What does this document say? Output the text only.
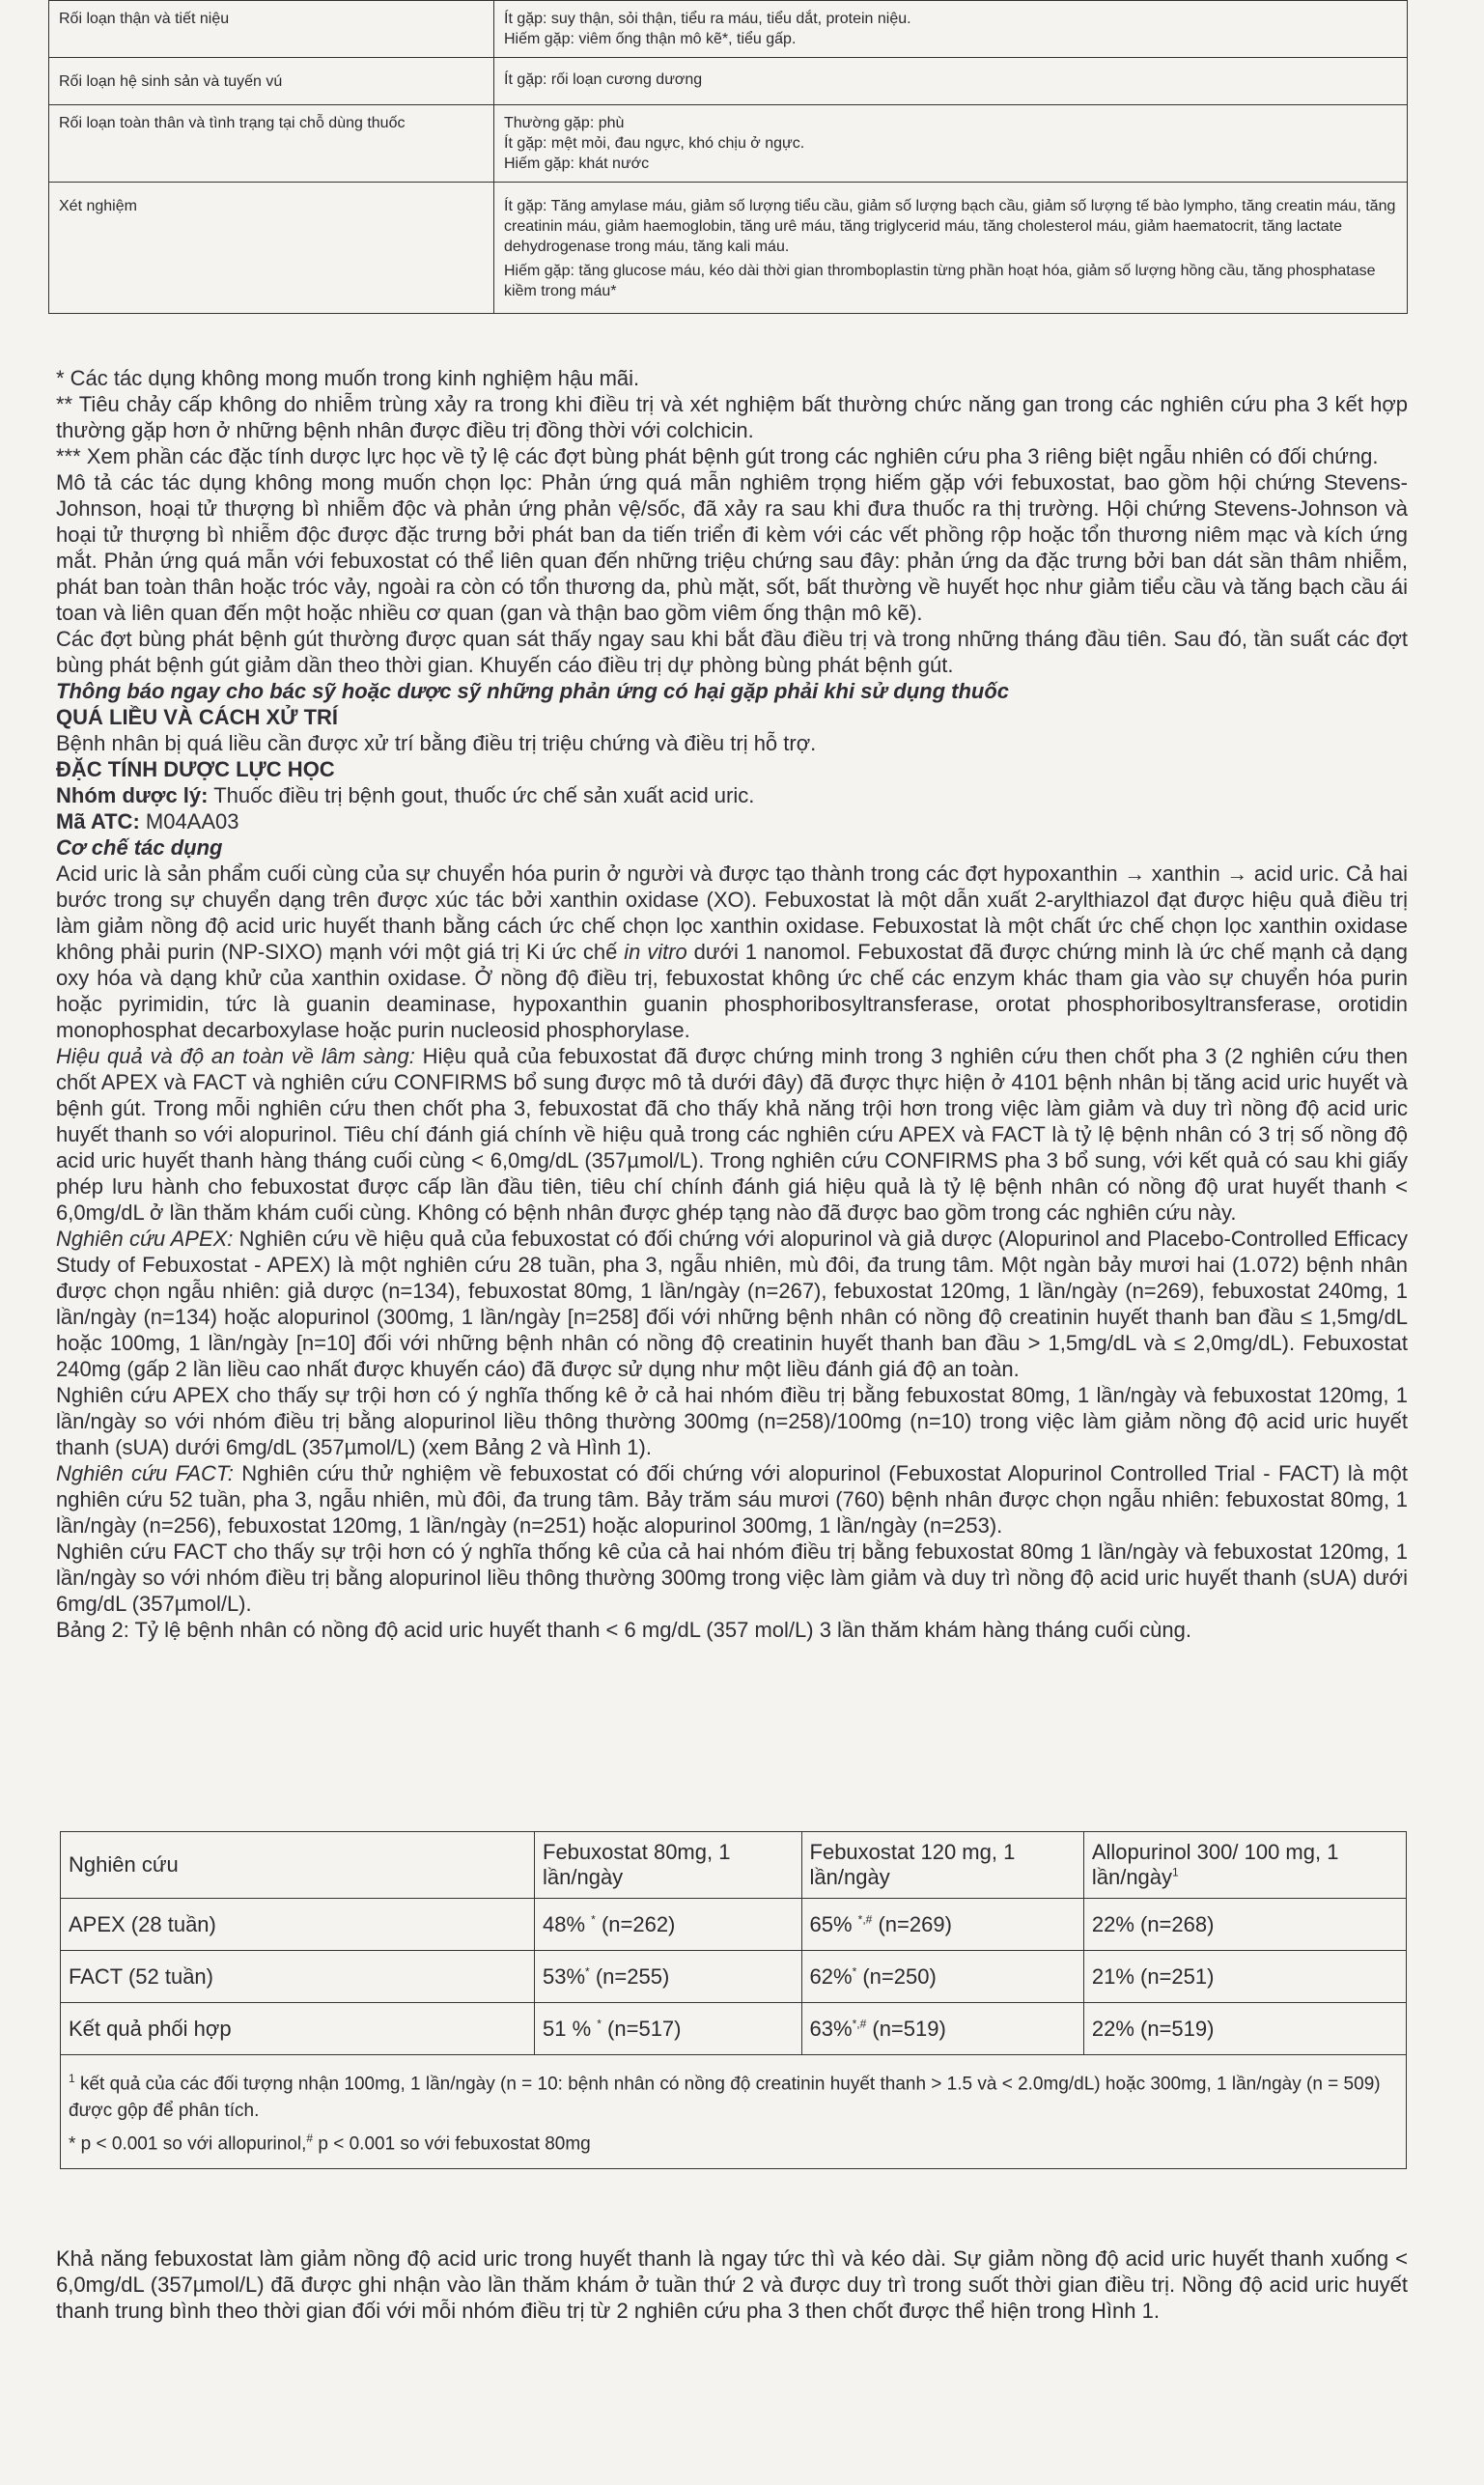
Rối loạn thận và tiết niệu	Ít gặp: suy thận, sỏi thận, tiểu ra máu, tiểu dắt, protein niệu.
Hiếm gặp: viêm ống thận mô kẽ*, tiểu gấp.

Rối loạn hệ sinh sản và tuyến vú	Ít gặp: rối loạn cương dương

Rối loạn toàn thân và tình trạng tại chỗ dùng thuốc	Thường gặp: phù
Ít gặp: mệt mỏi, đau ngực, khó chịu ở ngực.
Hiếm gặp: khát nước

Xét nghiệm	Ít gặp: Tăng amylase máu, giảm số lượng tiểu cầu, giảm số lượng bạch cầu, giảm số lượng tế bào lympho, tăng creatin máu, tăng creatinin máu, giảm haemoglobin, tăng urê máu, tăng triglycerid máu, tăng cholesterol máu, giảm haematocrit, tăng lactate dehydrogenase trong máu, tăng kali máu.
Hiếm gặp: tăng glucose máu, kéo dài thời gian thromboplastin từng phần hoạt hóa, giảm số lượng hồng cầu, tăng phosphatase kiềm trong máu*

* Các tác dụng không mong muốn trong kinh nghiệm hậu mãi.

** Tiêu chảy cấp không do nhiễm trùng xảy ra trong khi điều trị và xét nghiệm bất thường chức năng gan trong các nghiên cứu pha 3 kết hợp thường gặp hơn ở những bệnh nhân được điều trị đồng thời với colchicin.

*** Xem phần các đặc tính dược lực học về tỷ lệ các đợt bùng phát bệnh gút trong các nghiên cứu pha 3 riêng biệt ngẫu nhiên có đối chứng.

Mô tả các tác dụng không mong muốn chọn lọc: Phản ứng quá mẫn nghiêm trọng hiếm gặp với febuxostat, bao gồm hội chứng Stevens-Johnson, hoại tử thượng bì nhiễm độc và phản ứng phản vệ/sốc, đã xảy ra sau khi đưa thuốc ra thị trường. Hội chứng Stevens-Johnson và hoại tử thượng bì nhiễm độc được đặc trưng bởi phát ban da tiến triển đi kèm với các vết phồng rộp hoặc tổn thương niêm mạc và kích ứng mắt. Phản ứng quá mẫn với febuxostat có thể liên quan đến những triệu chứng sau đây: phản ứng da đặc trưng bởi ban dát sần thâm nhiễm, phát ban toàn thân hoặc tróc vảy, ngoài ra còn có tổn thương da, phù mặt, sốt, bất thường về huyết học như giảm tiểu cầu và tăng bạch cầu ái toan và liên quan đến một hoặc nhiều cơ quan (gan và thận bao gồm viêm ống thận mô kẽ).

Các đợt bùng phát bệnh gút thường được quan sát thấy ngay sau khi bắt đầu điều trị và trong những tháng đầu tiên. Sau đó, tần suất các đợt bùng phát bệnh gút giảm dần theo thời gian. Khuyến cáo điều trị dự phòng bùng phát bệnh gút.

Thông báo ngay cho bác sỹ hoặc dược sỹ những phản ứng có hại gặp phải khi sử dụng thuốc

QUÁ LIỀU VÀ CÁCH XỬ TRÍ

Bệnh nhân bị quá liều cần được xử trí bằng điều trị triệu chứng và điều trị hỗ trợ.

ĐẶC TÍNH DƯỢC LỰC HỌC

Nhóm dược lý: Thuốc điều trị bệnh gout, thuốc ức chế sản xuất acid uric.

Mã ATC: M04AA03

Cơ chế tác dụng

Acid uric là sản phẩm cuối cùng của sự chuyển hóa purin ở người và được tạo thành trong các đợt hypoxanthin → xanthin → acid uric. Cả hai bước trong sự chuyển dạng trên được xúc tác bởi xanthin oxidase (XO). Febuxostat là một dẫn xuất 2-arylthiazol đạt được hiệu quả điều trị làm giảm nồng độ acid uric huyết thanh bằng cách ức chế chọn lọc xanthin oxidase. Febuxostat là một chất ức chế chọn lọc xanthin oxidase không phải purin (NP-SIXO) mạnh với một giá trị Ki ức chế in vitro dưới 1 nanomol. Febuxostat đã được chứng minh là ức chế mạnh cả dạng oxy hóa và dạng khử của xanthin oxidase. Ở nồng độ điều trị, febuxostat không ức chế các enzym khác tham gia vào sự chuyển hóa purin hoặc pyrimidin, tức là guanin deaminase, hypoxanthin guanin phosphoribosyltransferase, orotat phosphoribosyltransferase, orotidin monophosphat decarboxylase hoặc purin nucleosid phosphorylase.

Hiệu quả và độ an toàn về lâm sàng: Hiệu quả của febuxostat đã được chứng minh trong 3 nghiên cứu then chốt pha 3 (2 nghiên cứu then chốt APEX và FACT và nghiên cứu CONFIRMS bổ sung được mô tả dưới đây) đã được thực hiện ở 4101 bệnh nhân bị tăng acid uric huyết và bệnh gút. Trong mỗi nghiên cứu then chốt pha 3, febuxostat đã cho thấy khả năng trội hơn trong việc làm giảm và duy trì nồng độ acid uric huyết thanh so với alopurinol. Tiêu chí đánh giá chính về hiệu quả trong các nghiên cứu APEX và FACT là tỷ lệ bệnh nhân có 3 trị số nồng độ acid uric huyết thanh hàng tháng cuối cùng < 6,0mg/dL (357µmol/L). Trong nghiên cứu CONFIRMS pha 3 bổ sung, với kết quả có sau khi giấy phép lưu hành cho febuxostat được cấp lần đầu tiên, tiêu chí chính đánh giá hiệu quả là tỷ lệ bệnh nhân có nồng độ urat huyết thanh < 6,0mg/dL ở lần thăm khám cuối cùng. Không có bệnh nhân được ghép tạng nào đã được bao gồm trong các nghiên cứu này.

Nghiên cứu APEX: Nghiên cứu về hiệu quả của febuxostat có đối chứng với alopurinol và giả dược (Alopurinol and Placebo-Controlled Efficacy Study of Febuxostat - APEX) là một nghiên cứu 28 tuần, pha 3, ngẫu nhiên, mù đôi, đa trung tâm. Một ngàn bảy mươi hai (1.072) bệnh nhân được chọn ngẫu nhiên: giả dược (n=134), febuxostat 80mg, 1 lần/ngày (n=267), febuxostat 120mg, 1 lần/ngày (n=269), febuxostat 240mg, 1 lần/ngày (n=134) hoặc alopurinol (300mg, 1 lần/ngày [n=258] đối với những bệnh nhân có nồng độ creatinin huyết thanh ban đầu ≤ 1,5mg/dL hoặc 100mg, 1 lần/ngày [n=10] đối với những bệnh nhân có nồng độ creatinin huyết thanh ban đầu > 1,5mg/dL và ≤ 2,0mg/dL). Febuxostat 240mg (gấp 2 lần liều cao nhất được khuyến cáo) đã được sử dụng như một liều đánh giá độ an toàn.

Nghiên cứu APEX cho thấy sự trội hơn có ý nghĩa thống kê ở cả hai nhóm điều trị bằng febuxostat 80mg, 1 lần/ngày và febuxostat 120mg, 1 lần/ngày so với nhóm điều trị bằng alopurinol liều thông thường 300mg (n=258)/100mg (n=10) trong việc làm giảm nồng độ acid uric huyết thanh (sUA) dưới 6mg/dL (357µmol/L) (xem Bảng 2 và Hình 1).

Nghiên cứu FACT: Nghiên cứu thử nghiệm về febuxostat có đối chứng với alopurinol (Febuxostat Alopurinol Controlled Trial - FACT) là một nghiên cứu 52 tuần, pha 3, ngẫu nhiên, mù đôi, đa trung tâm. Bảy trăm sáu mươi (760) bệnh nhân được chọn ngẫu nhiên: febuxostat 80mg, 1 lần/ngày (n=256), febuxostat 120mg, 1 lần/ngày (n=251) hoặc alopurinol 300mg, 1 lần/ngày (n=253).

Nghiên cứu FACT cho thấy sự trội hơn có ý nghĩa thống kê của cả hai nhóm điều trị bằng febuxostat 80mg 1 lần/ngày và febuxostat 120mg, 1 lần/ngày so với nhóm điều trị bằng alopurinol liều thông thường 300mg trong việc làm giảm và duy trì nồng độ acid uric huyết thanh (sUA) dưới 6mg/dL (357µmol/L).

Bảng 2: Tỷ lệ bệnh nhân có nồng độ acid uric huyết thanh < 6 mg/dL (357 mol/L) 3 lần thăm khám hàng tháng cuối cùng.

Nghiên cứu	Febuxostat 80mg, 1 lần/ngày	Febuxostat 120 mg, 1 lần/ngày	Allopurinol 300/ 100 mg, 1 lần/ngày$^1$
APEX (28 tuần)	48% * (n=262)	65% *,# (n=269)	22% (n=268)
FACT (52 tuần)	53%* (n=255)	62%* (n=250)	21% (n=251)
Kết quả phối hợp	51 % * (n=517)	63%*,# (n=519)	22% (n=519)

$^1$ kết quả của các đối tượng nhận 100mg, 1 lần/ngày (n = 10: bệnh nhân có nồng độ creatinin huyết thanh > 1.5 và < 2.0mg/dL) hoặc 300mg, 1 lần/ngày (n = 509) được gộp để phân tích.
* p < 0.001 so với allopurinol,# p < 0.001 so với febuxostat 80mg			

Khả năng febuxostat làm giảm nồng độ acid uric trong huyết thanh là ngay tức thì và kéo dài. Sự giảm nồng độ acid uric huyết thanh xuống < 6,0mg/dL (357µmol/L) đã được ghi nhận vào lần thăm khám ở tuần thứ 2 và được duy trì trong suốt thời gian điều trị. Nồng độ acid uric huyết thanh trung bình theo thời gian đối với mỗi nhóm điều trị từ 2 nghiên cứu pha 3 then chốt được thể hiện trong Hình 1.
